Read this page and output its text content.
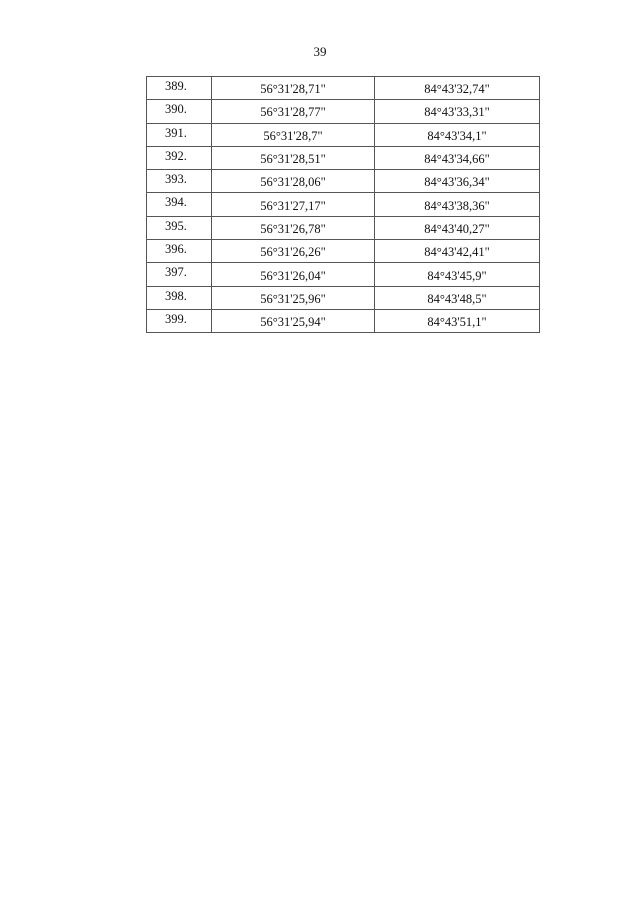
39
389.	56°31'28,71"	84°43'32,74"
390.	56°31'28,77"	84°43'33,31"
391.	56°31'28,7"	84°43'34,1"
392.	56°31'28,51"	84°43'34,66"
393.	56°31'28,06"	84°43'36,34"
394.	56°31'27,17"	84°43'38,36"
395.	56°31'26,78"	84°43'40,27"
396.	56°31'26,26"	84°43'42,41"
397.	56°31'26,04"	84°43'45,9"
398.	56°31'25,96"	84°43'48,5"
399.	56°31'25,94"	84°43'51,1"
